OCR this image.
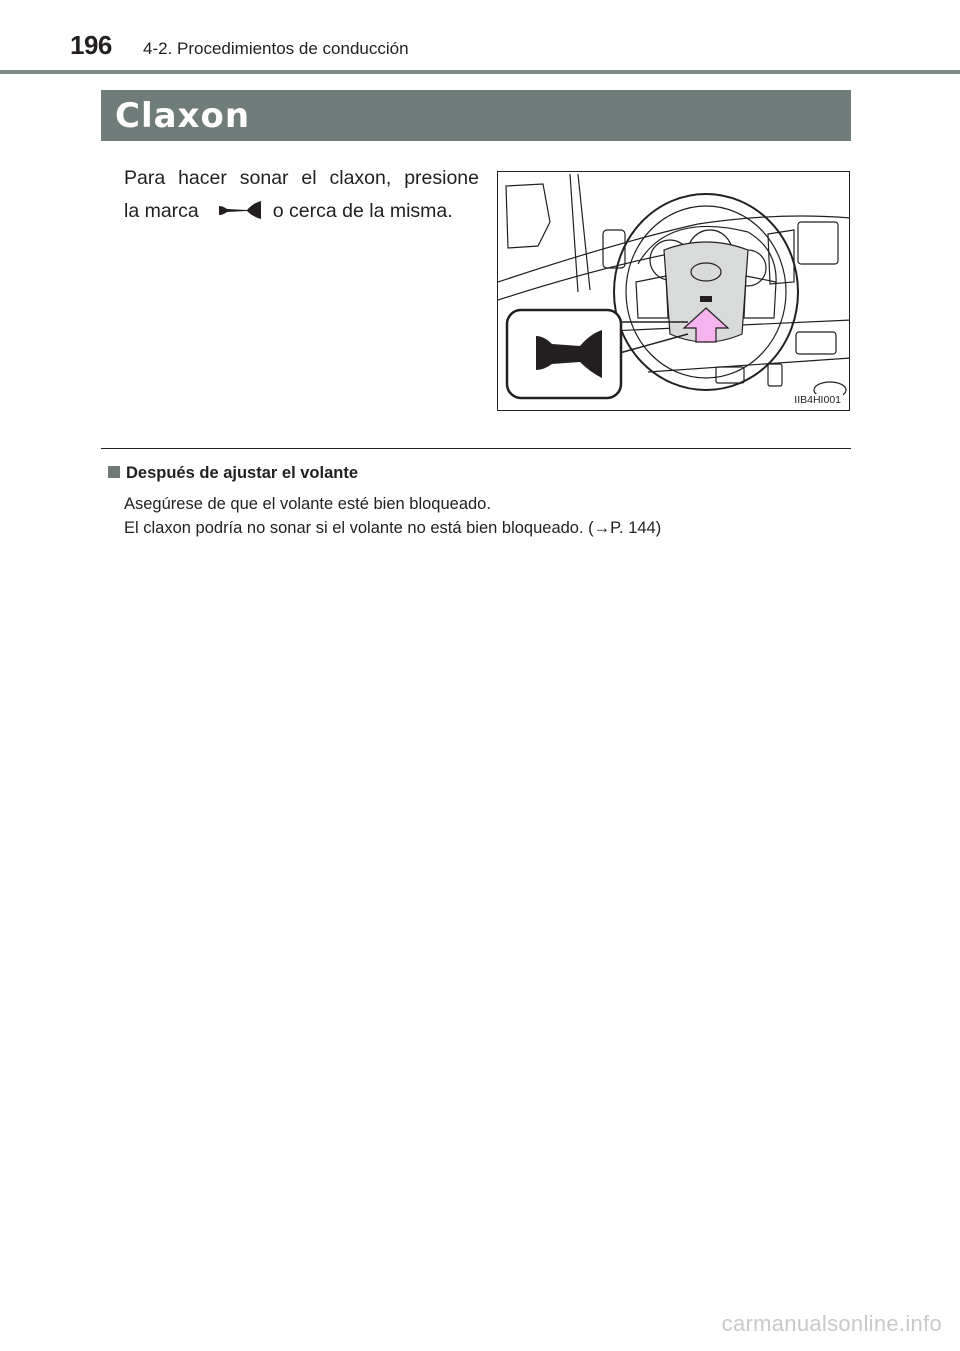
196 4-2. Procedimientos de conducción
Claxon
Para hacer sonar el claxon, presione
la marca	o cerca de la misma.
IIB4HI001
Después de ajustar el volante
Asegúrese de que el volante esté bien bloqueado.
El claxon podría no sonar si el volante no está bien bloqueado. (→P. 144)
carmanualsonline.info
